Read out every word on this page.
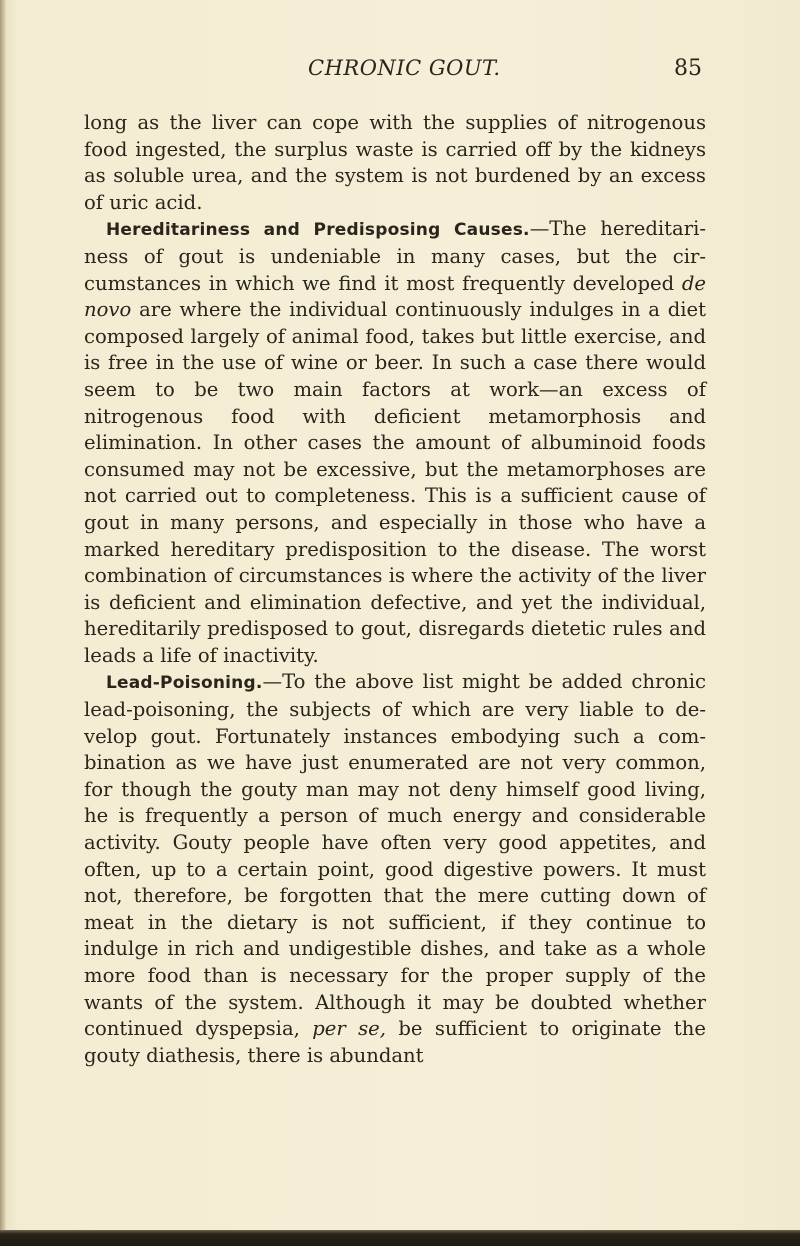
CHRONIC GOUT.	85

long as the liver can cope with the supplies of nitrogenous food ingested, the surplus waste is carried off by the kidneys as soluble urea, and the system is not burdened by an excess of uric acid.

Hereditariness and Predisposing Causes.—The hereditariness of gout is undeniable in many cases, but the circumstances in which we find it most frequently developed de novo are where the individual continuously indulges in a diet composed largely of animal food, takes but little exercise, and is free in the use of wine or beer. In such a case there would seem to be two main factors at work—an excess of nitrogenous food with deficient metamorphosis and elimination. In other cases the amount of albuminoid foods consumed may not be excessive, but the metamorphoses are not carried out to completeness. This is a sufficient cause of gout in many persons, and especially in those who have a marked hereditary predisposition to the disease. The worst combination of circumstances is where the activity of the liver is deficient and elimination defective, and yet the individual, hereditarily predisposed to gout, disregards dietetic rules and leads a life of inactivity.

Lead-Poisoning.—To the above list might be added chronic lead-poisoning, the subjects of which are very liable to develop gout. Fortunately instances embodying such a combination as we have just enumerated are not very common, for though the gouty man may not deny himself good living, he is frequently a person of much energy and considerable activity. Gouty people have often very good appetites, and often, up to a certain point, good digestive powers. It must not, therefore, be forgotten that the mere cutting down of meat in the dietary is not sufficient, if they continue to indulge in rich and undigestible dishes, and take as a whole more food than is necessary for the proper supply of the wants of the system. Although it may be doubted whether continued dyspepsia, per se, be sufficient to originate the gouty diathesis, there is abundant
